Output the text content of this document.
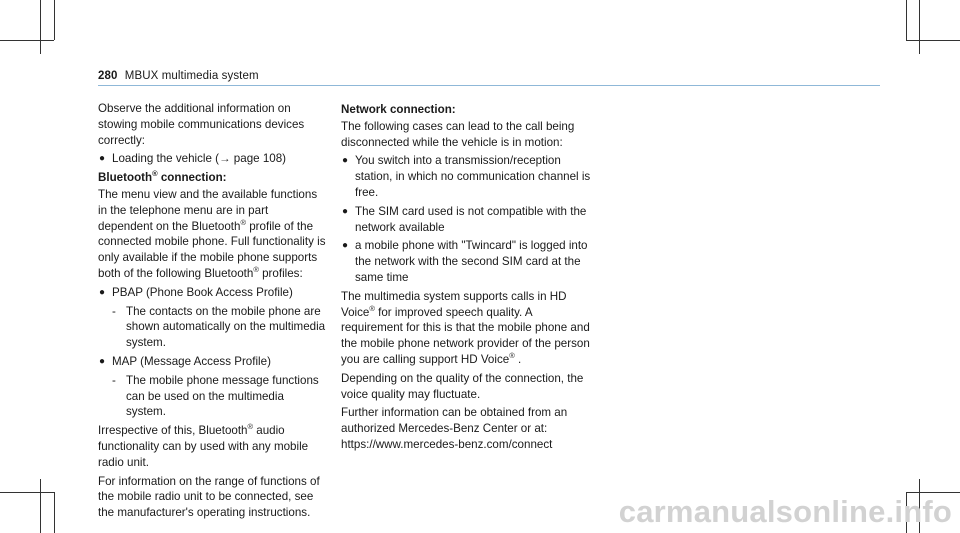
280 MBUX multimedia system

Observe the additional information on stowing mobile communications devices correctly:

● Loading the vehicle (→ page 108)
Bluetooth® connection:

The menu view and the available functions in the telephone menu are in part dependent on the Bluetooth® profile of the connected mobile phone. Full functionality is only available if the mobile phone supports both of the following Bluetooth® profiles:

● PBAP (Phone Book Access Profile)
- The contacts on the mobile phone are shown automatically on the multimedia system.
● MAP (Message Access Profile)
- The mobile phone message functions can be used on the multimedia system.

Irrespective of this, Bluetooth® audio functionality can by used with any mobile radio unit.

For information on the range of functions of the mobile radio unit to be connected, see the manufacturer's operating instructions.

Network connection:

The following cases can lead to the call being disconnected while the vehicle is in motion:

● You switch into a transmission/reception station, in which no communication channel is free.
● The SIM card used is not compatible with the network available
● a mobile phone with "Twincard" is logged into the network with the second SIM card at the same time

The multimedia system supports calls in HD Voice® for improved speech quality. A requirement for this is that the mobile phone and the mobile phone network provider of the person you are calling support HD Voice® .

Depending on the quality of the connection, the voice quality may fluctuate.

Further information can be obtained from an authorized Mercedes-Benz Center or at: https://www.mercedes-benz.com/connect

carmanualsonline.info
